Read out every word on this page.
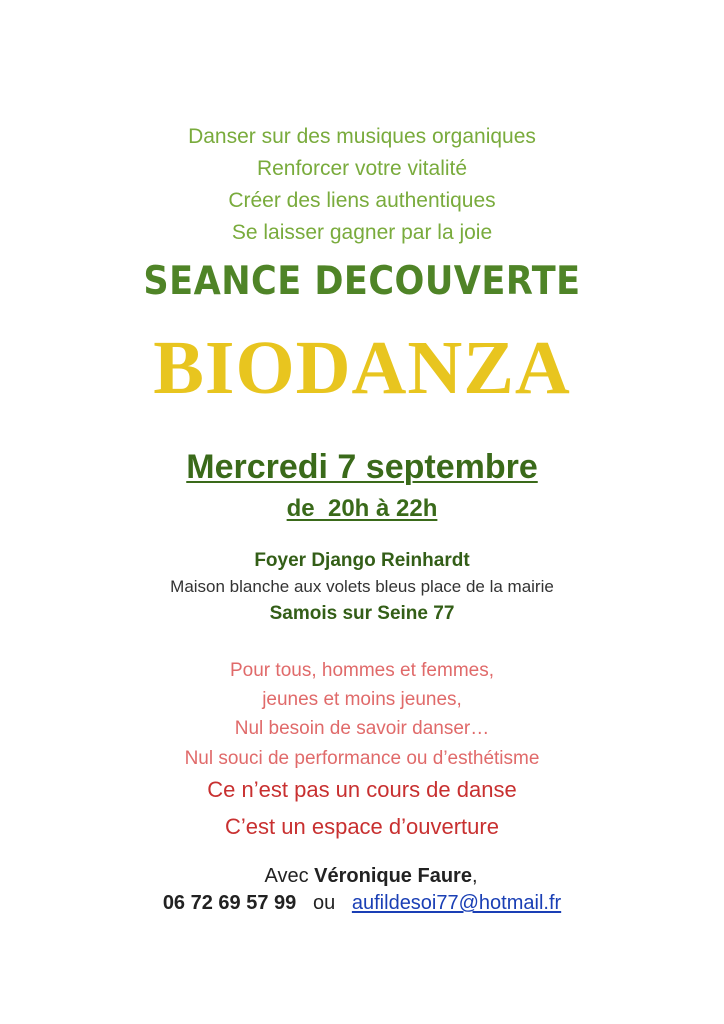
Danser sur des musiques organiques
Renforcer votre vitalité
Créer des liens authentiques
Se laisser gagner par la joie
SEANCE DECOUVERTE
BIODANZA
Mercredi 7 septembre
de  20h à 22h
Foyer Django Reinhardt
Maison blanche aux volets bleus place de la mairie
Samois sur Seine 77
Pour tous, hommes et femmes,
jeunes et moins jeunes,
Nul besoin de savoir danser…
Nul souci de performance ou d’esthétisme
Ce n’est pas un cours de danse
C’est un espace d’ouverture
Avec Véronique Faure,
06 72 69 57 99   ou   aufildesoi77@hotmail.fr
